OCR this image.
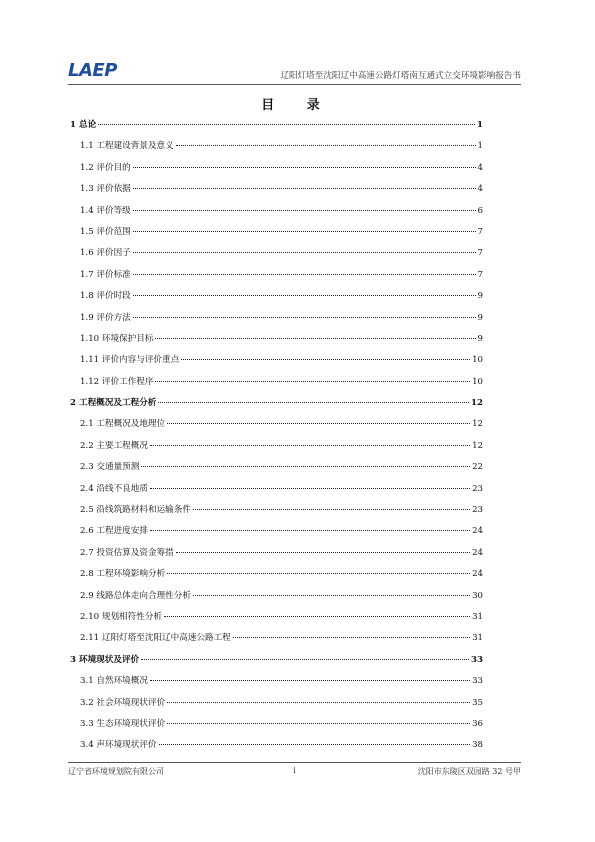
LAEP	辽阳灯塔至沈阳辽中高速公路灯塔南互通式立交环境影响报告书
目 录
1 总论	1
1.1 工程建设背景及意义	1
1.2 评价目的	4
1.3 评价依据	4
1.4 评价等级	6
1.5 评价范围	7
1.6 评价因子	7
1.7 评价标准	7
1.8 评价时段	9
1.9 评价方法	9
1.10 环境保护目标	9
1.11 评价内容与评价重点	10
1.12 评价工作程序	10
2 工程概况及工程分析	12
2.1 工程概况及地理位	12
2.2 主要工程概况	12
2.3 交通量预测	22
2.4 沿线不良地质	23
2.5 沿线筑路材料和运输条件	23
2.6 工程进度安排	24
2.7 投资估算及资金筹措	24
2.8 工程环境影响分析	24
2.9 线路总体走向合理性分析	30
2.10 规划相符性分析	31
2.11 辽阳灯塔至沈阳辽中高速公路工程	31
3 环境现状及评价	33
3.1 自然环境概况	33
3.2 社会环境现状评价	35
3.3 生态环境现状评价	36
3.4 声环境现状评价	38
辽宁省环境规划院有限公司	i	沈阳市东陵区双园路 32 号甲
